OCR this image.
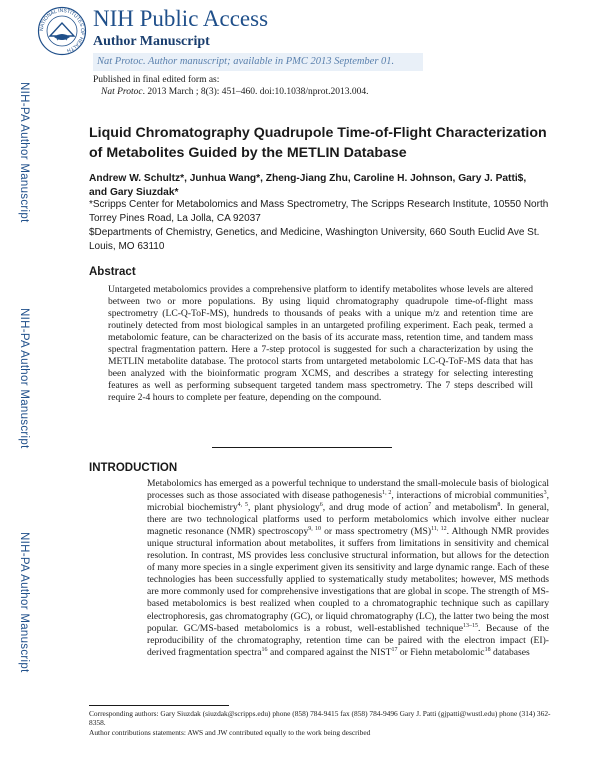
NIH-PA Author Manuscript
NIH-PA Author Manuscript
NIH-PA Author Manuscript
NATIONAL INSTITUTES OF HEALTH
NIH Public Access
Author Manuscript
Nat Protoc. Author manuscript; available in PMC 2013 September 01.
Published in final edited form as:
Nat Protoc. 2013 March ; 8(3): 451–460. doi:10.1038/nprot.2013.004.
Liquid Chromatography Quadrupole Time-of-Flight Characterization of Metabolites Guided by the METLIN Database
Andrew W. Schultz*, Junhua Wang*, Zheng-Jiang Zhu, Caroline H. Johnson, Gary J. Patti$,
and Gary Siuzdak*
*Scripps Center for Metabolomics and Mass Spectrometry, The Scripps Research Institute, 10550 North Torrey Pines Road, La Jolla, CA 92037
$Departments of Chemistry, Genetics, and Medicine, Washington University, 660 South Euclid Ave St. Louis, MO 63110
Abstract
Untargeted metabolomics provides a comprehensive platform to identify metabolites whose levels are altered between two or more populations. By using liquid chromatography quadrupole time-of-flight mass spectrometry (LC-Q-ToF-MS), hundreds to thousands of peaks with a unique m/z and retention time are routinely detected from most biological samples in an untargeted profiling experiment. Each peak, termed a metabolomic feature, can be characterized on the basis of its accurate mass, retention time, and tandem mass spectral fragmentation pattern. Here a 7-step protocol is suggested for such a characterization by using the METLIN metabolite database. The protocol starts from untargeted metabolomic LC-Q-ToF-MS data that has been analyzed with the bioinformatic program XCMS, and describes a strategy for selecting interesting features as well as performing subsequent targeted tandem mass spectrometry. The 7 steps described will require 2-4 hours to complete per feature, depending on the compound.
INTRODUCTION
Metabolomics has emerged as a powerful technique to understand the small-molecule basis of biological processes such as those associated with disease pathogenesis$^{1, 2}$, interactions of microbial communities$^3$, microbial biochemistry$^{4, 5}$, plant physiology$^6$, and drug mode of action$^7$ and metabolism$^8$. In general, there are two technological platforms used to perform metabolomics which involve either nuclear magnetic resonance (NMR) spectroscopy$^{9, 10}$ or mass spectrometry (MS)$^{11, 12}$. Although NMR provides unique structural information about metabolites, it suffers from limitations in sensitivity and chemical resolution. In contrast, MS provides less conclusive structural information, but allows for the detection of many more species in a single experiment given its sensitivity and large dynamic range. Each of these technologies has been successfully applied to systematically study metabolites; however, MS methods are more commonly used for comprehensive investigations that are global in scope. The strength of MS-based metabolomics is best realized when coupled to a chromatographic technique such as capillary electrophoresis, gas chromatography (GC), or liquid chromatography (LC), the latter two being the most popular. GC/MS-based metabolomics is a robust, well-established technique$^{13-15}$. Because of the reproducibility of the chromatography, retention time can be paired with the electron impact (EI)-derived fragmentation spectra$^{16}$ and compared against the NIST$^{17}$ or Fiehn metabolomic$^{18}$ databases
Corresponding authors: Gary Siuzdak (siuzdak@scripps.edu) phone (858) 784-9415 fax (858) 784-9496 Gary J. Patti (gjpatti@wustl.edu) phone (314) 362-8358.
Author contributions statements: AWS and JW contributed equally to the work being described
